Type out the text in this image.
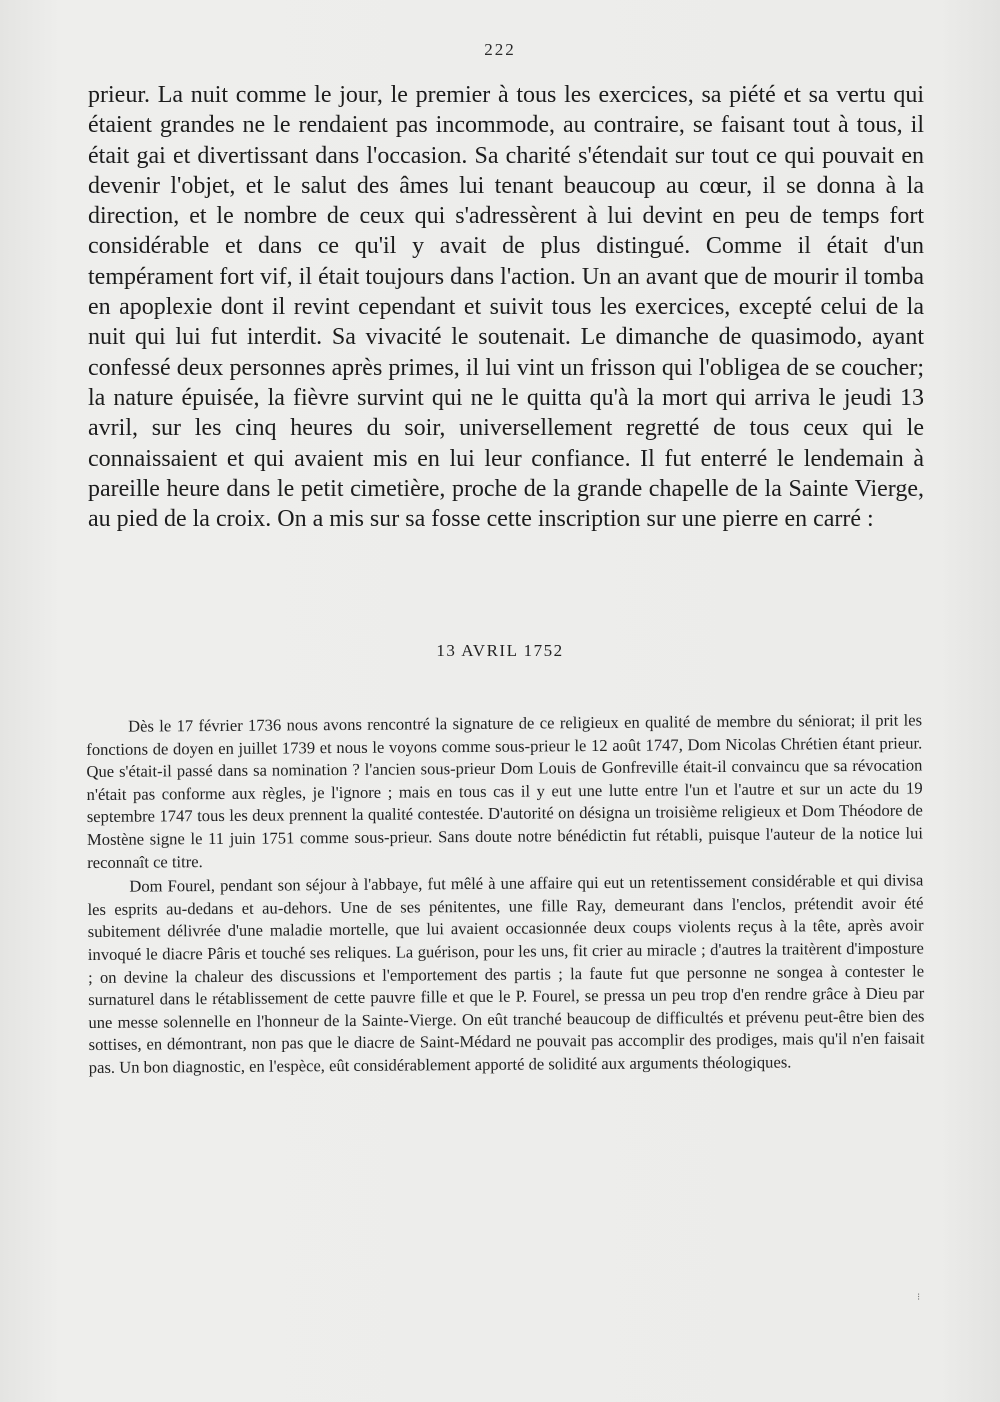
222

prieur. La nuit comme le jour, le premier à tous les exercices, sa piété et sa vertu qui étaient grandes ne le rendaient pas incommode, au contraire, se faisant tout à tous, il était gai et divertissant dans l'occasion. Sa charité s'étendait sur tout ce qui pouvait en devenir l'objet, et le salut des âmes lui tenant beaucoup au cœur, il se donna à la direction, et le nombre de ceux qui s'adressèrent à lui devint en peu de temps fort considérable et dans ce qu'il y avait de plus distingué. Comme il était d'un tempérament fort vif, il était toujours dans l'action. Un an avant que de mourir il tomba en apoplexie dont il revint cependant et suivit tous les exercices, excepté celui de la nuit qui lui fut interdit. Sa vivacité le soutenait. Le dimanche de quasimodo, ayant confessé deux personnes après primes, il lui vint un frisson qui l'obligea de se coucher; la nature épuisée, la fièvre survint qui ne le quitta qu'à la mort qui arriva le jeudi 13 avril, sur les cinq heures du soir, universellement regretté de tous ceux qui le connaissaient et qui avaient mis en lui leur confiance. Il fut enterré le lendemain à pareille heure dans le petit cimetière, proche de la grande chapelle de la Sainte Vierge, au pied de la croix. On a mis sur sa fosse cette inscription sur une pierre en carré :

13 AVRIL 1752

Dès le 17 février 1736 nous avons rencontré la signature de ce religieux en qualité de membre du séniorat; il prit les fonctions de doyen en juillet 1739 et nous le voyons comme sous-prieur le 12 août 1747, Dom Nicolas Chrétien étant prieur. Que s'était-il passé dans sa nomination ? l'ancien sous-prieur Dom Louis de Gonfreville était-il convaincu que sa révocation n'était pas conforme aux règles, je l'ignore ; mais en tous cas il y eut une lutte entre l'un et l'autre et sur un acte du 19 septembre 1747 tous les deux prennent la qualité contestée. D'autorité on désigna un troisième religieux et Dom Théodore de Mostène signe le 11 juin 1751 comme sous-prieur. Sans doute notre bénédictin fut rétabli, puisque l'auteur de la notice lui reconnaît ce titre.

Dom Fourel, pendant son séjour à l'abbaye, fut mêlé à une affaire qui eut un retentissement considérable et qui divisa les esprits au-dedans et au-dehors. Une de ses pénitentes, une fille Ray, demeurant dans l'enclos, prétendit avoir été subitement délivrée d'une maladie mortelle, que lui avaient occasionnée deux coups violents reçus à la tête, après avoir invoqué le diacre Pâris et touché ses reliques. La guérison, pour les uns, fit crier au miracle ; d'autres la traitèrent d'imposture ; on devine la chaleur des discussions et l'emportement des partis ; la faute fut que personne ne songea à contester le surnaturel dans le rétablissement de cette pauvre fille et que le P. Fourel, se pressa un peu trop d'en rendre grâce à Dieu par une messe solennelle en l'honneur de la Sainte-Vierge. On eût tranché beaucoup de difficultés et prévenu peut-être bien des sottises, en démontrant, non pas que le diacre de Saint-Médard ne pouvait pas accomplir des prodiges, mais qu'il n'en faisait pas. Un bon diagnostic, en l'espèce, eût considérablement apporté de solidité aux arguments théologiques.

⁝
